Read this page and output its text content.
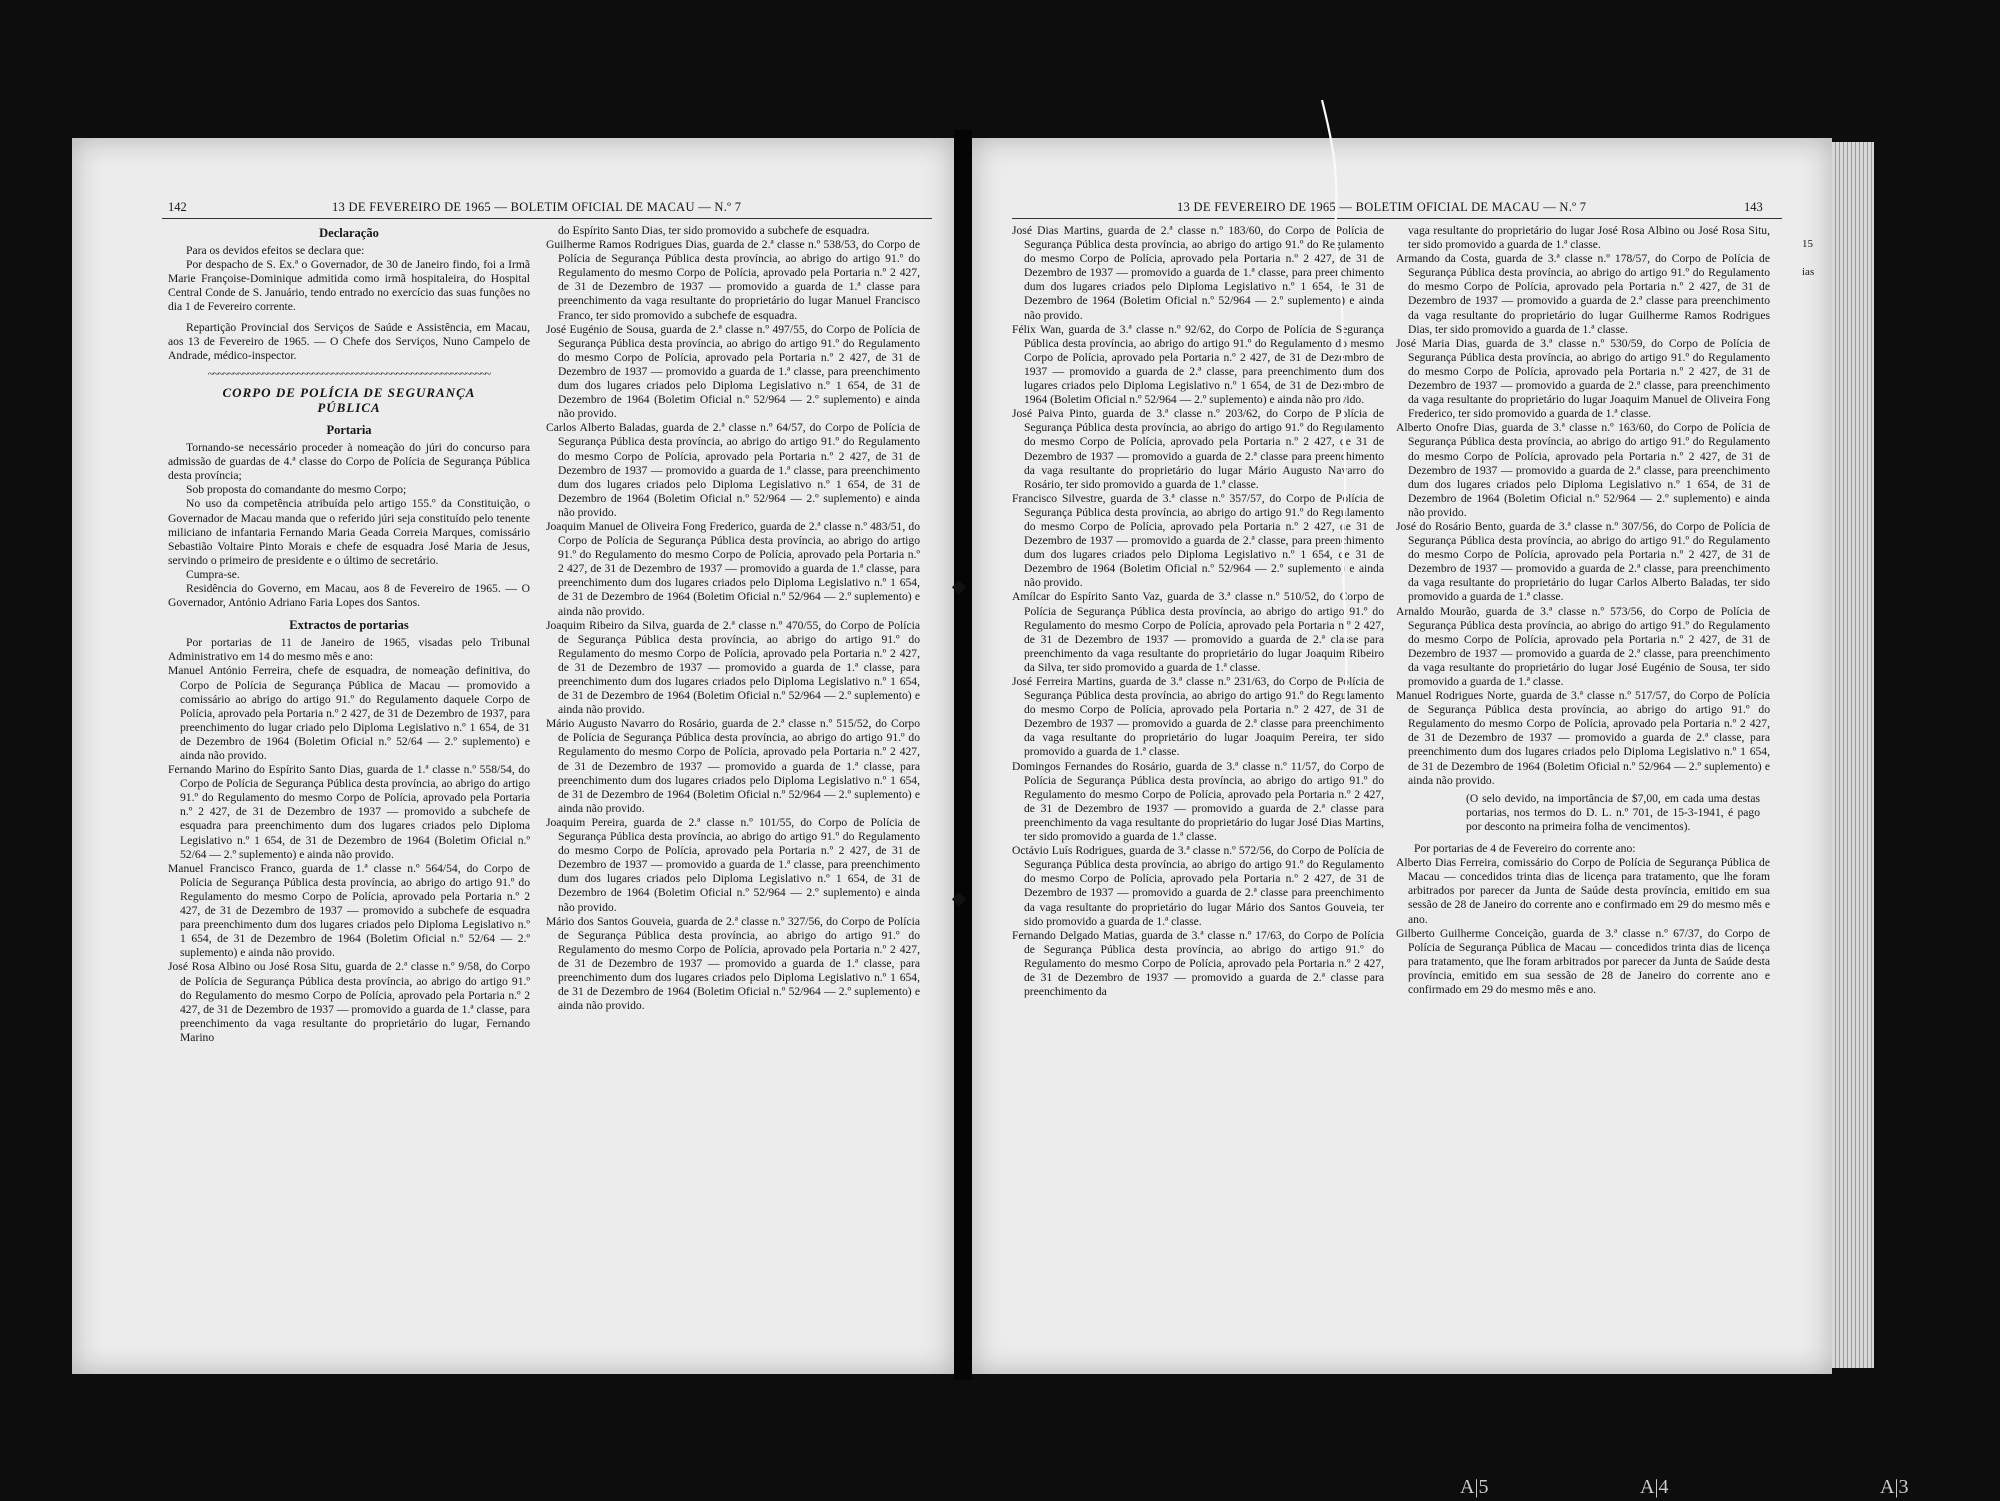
142	13 DE FEVEREIRO DE 1965 — BOLETIM OFICIAL DE MACAU — N.º 7

Declaração

Para os devidos efeitos se declara que:

Por despacho de S. Ex.ª o Governador, de 30 de Janeiro findo, foi a Irmã Marie Françoise-Dominique admitida como irmã hospitaleira, do Hospital Central Conde de S. Januário, tendo entrado no exercício das suas funções no dia 1 de Fevereiro corrente.

Repartição Provincial dos Serviços de Saúde e Assistência, em Macau, aos 13 de Fevereiro de 1965. — O Chefe dos Serviços, Nuno Campelo de Andrade, médico-inspector.

~~~~~~~~~~~~~~~~~~~~~~~~~~~~~~~~~~~~~~~~~~~~~~~~~~~~~~~~~

CORPO DE POLÍCIA DE SEGURANÇA
PÚBLICA

Portaria

Tornando-se necessário proceder à nomeação do júri do concurso para admissão de guardas de 4.ª classe do Corpo de Polícia de Segurança Pública desta província;

Sob proposta do comandante do mesmo Corpo;

No uso da competência atribuída pelo artigo 155.º da Constituição, o Governador de Macau manda que o referido júri seja constituído pelo tenente miliciano de infantaria Fernando Maria Geada Correia Marques, comissário Sebastião Voltaire Pinto Morais e chefe de esquadra José Maria de Jesus, servindo o primeiro de presidente e o último de secretário.

Cumpra-se.

Residência do Governo, em Macau, aos 8 de Fevereiro de 1965. — O Governador, António Adriano Faria Lopes dos Santos.

Extractos de portarias

Por portarias de 11 de Janeiro de 1965, visadas pelo Tribunal Administrativo em 14 do mesmo mês e ano:

Manuel António Ferreira, chefe de esquadra, de nomeação definitiva, do Corpo de Polícia de Segurança Pública de Macau — promovido a comissário ao abrigo do artigo 91.º do Regulamento daquele Corpo de Polícia, aprovado pela Portaria n.º 2 427, de 31 de Dezembro de 1937, para preenchimento do lugar criado pelo Diploma Legislativo n.º 1 654, de 31 de Dezembro de 1964 (Boletim Oficial n.º 52/64 — 2.º suplemento) e ainda não provido.

Fernando Marino do Espírito Santo Dias, guarda de 1.ª classe n.º 558/54, do Corpo de Polícia de Segurança Pública desta província, ao abrigo do artigo 91.º do Regulamento do mesmo Corpo de Polícia, aprovado pela Portaria n.º 2 427, de 31 de Dezembro de 1937 — promovido a subchefe de esquadra para preenchimento dum dos lugares criados pelo Diploma Legislativo n.º 1 654, de 31 de Dezembro de 1964 (Boletim Oficial n.º 52/64 — 2.º suplemento) e ainda não provido.

Manuel Francisco Franco, guarda de 1.ª classe n.º 564/54, do Corpo de Polícia de Segurança Pública desta província, ao abrigo do artigo 91.º do Regulamento do mesmo Corpo de Polícia, aprovado pela Portaria n.º 2 427, de 31 de Dezembro de 1937 — promovido a subchefe de esquadra para preenchimento dum dos lugares criados pelo Diploma Legislativo n.º 1 654, de 31 de Dezembro de 1964 (Boletim Oficial n.º 52/64 — 2.º suplemento) e ainda não provido.

José Rosa Albino ou José Rosa Situ, guarda de 2.ª classe n.º 9/58, do Corpo de Polícia de Segurança Pública desta província, ao abrigo do artigo 91.º do Regulamento do mesmo Corpo de Polícia, aprovado pela Portaria n.º 2 427, de 31 de Dezembro de 1937 — promovido a guarda de 1.ª classe, para preenchimento da vaga resultante do proprietário do lugar, Fernando Marino

do Espírito Santo Dias, ter sido promovido a subchefe de esquadra.

Guilherme Ramos Rodrigues Dias, guarda de 2.ª classe n.º 538/53, do Corpo de Polícia de Segurança Pública desta província, ao abrigo do artigo 91.º do Regulamento do mesmo Corpo de Polícia, aprovado pela Portaria n.º 2 427, de 31 de Dezembro de 1937 — promovido a guarda de 1.ª classe para preenchimento da vaga resultante do proprietário do lugar Manuel Francisco Franco, ter sido promovido a subchefe de esquadra.

José Eugénio de Sousa, guarda de 2.ª classe n.º 497/55, do Corpo de Polícia de Segurança Pública desta província, ao abrigo do artigo 91.º do Regulamento do mesmo Corpo de Polícia, aprovado pela Portaria n.º 2 427, de 31 de Dezembro de 1937 — promovido a guarda de 1.ª classe, para preenchimento dum dos lugares criados pelo Diploma Legislativo n.º 1 654, de 31 de Dezembro de 1964 (Boletim Oficial n.º 52/964 — 2.º suplemento) e ainda não provido.

Carlos Alberto Baladas, guarda de 2.ª classe n.º 64/57, do Corpo de Polícia de Segurança Pública desta província, ao abrigo do artigo 91.º do Regulamento do mesmo Corpo de Polícia, aprovado pela Portaria n.º 2 427, de 31 de Dezembro de 1937 — promovido a guarda de 1.ª classe, para preenchimento dum dos lugares criados pelo Diploma Legislativo n.º 1 654, de 31 de Dezembro de 1964 (Boletim Oficial n.º 52/964 — 2.º suplemento) e ainda não provido.

Joaquim Manuel de Oliveira Fong Frederico, guarda de 2.ª classe n.º 483/51, do Corpo de Polícia de Segurança Pública desta província, ao abrigo do artigo 91.º do Regulamento do mesmo Corpo de Polícia, aprovado pela Portaria n.º 2 427, de 31 de Dezembro de 1937 — promovido a guarda de 1.ª classe, para preenchimento dum dos lugares criados pelo Diploma Legislativo n.º 1 654, de 31 de Dezembro de 1964 (Boletim Oficial n.º 52/964 — 2.º suplemento) e ainda não provido.

Joaquim Ribeiro da Silva, guarda de 2.ª classe n.º 470/55, do Corpo de Polícia de Segurança Pública desta província, ao abrigo do artigo 91.º do Regulamento do mesmo Corpo de Polícia, aprovado pela Portaria n.º 2 427, de 31 de Dezembro de 1937 — promovido a guarda de 1.ª classe, para preenchimento dum dos lugares criados pelo Diploma Legislativo n.º 1 654, de 31 de Dezembro de 1964 (Boletim Oficial n.º 52/964 — 2.º suplemento) e ainda não provido.

Mário Augusto Navarro do Rosário, guarda de 2.ª classe n.º 515/52, do Corpo de Polícia de Segurança Pública desta província, ao abrigo do artigo 91.º do Regulamento do mesmo Corpo de Polícia, aprovado pela Portaria n.º 2 427, de 31 de Dezembro de 1937 — promovido a guarda de 1.ª classe, para preenchimento dum dos lugares criados pelo Diploma Legislativo n.º 1 654, de 31 de Dezembro de 1964 (Boletim Oficial n.º 52/964 — 2.º suplemento) e ainda não provido.

Joaquim Pereira, guarda de 2.ª classe n.º 101/55, do Corpo de Polícia de Segurança Pública desta província, ao abrigo do artigo 91.º do Regulamento do mesmo Corpo de Polícia, aprovado pela Portaria n.º 2 427, de 31 de Dezembro de 1937 — promovido a guarda de 1.ª classe, para preenchimento dum dos lugares criados pelo Diploma Legislativo n.º 1 654, de 31 de Dezembro de 1964 (Boletim Oficial n.º 52/964 — 2.º suplemento) e ainda não provido.

Mário dos Santos Gouveia, guarda de 2.ª classe n.º 327/56, do Corpo de Polícia de Segurança Pública desta província, ao abrigo do artigo 91.º do Regulamento do mesmo Corpo de Polícia, aprovado pela Portaria n.º 2 427, de 31 de Dezembro de 1937 — promovido a guarda de 1.ª classe, para preenchimento dum dos lugares criados pelo Diploma Legislativo n.º 1 654, de 31 de Dezembro de 1964 (Boletim Oficial n.º 52/964 — 2.º suplemento) e ainda não provido.

13 DE FEVEREIRO DE 1965 — BOLETIM OFICIAL DE MACAU — N.º 7	143

José Dias Martins, guarda de 2.ª classe n.º 183/60, do Corpo de Polícia de Segurança Pública desta província, ao abrigo do artigo 91.º do Regulamento do mesmo Corpo de Polícia, aprovado pela Portaria n.º 2 427, de 31 de Dezembro de 1937 — promovido a guarda de 1.ª classe, para preenchimento dum dos lugares criados pelo Diploma Legislativo n.º 1 654, de 31 de Dezembro de 1964 (Boletim Oficial n.º 52/964 — 2.º suplemento) e ainda não provido.

Félix Wan, guarda de 3.ª classe n.º 92/62, do Corpo de Polícia de Segurança Pública desta província, ao abrigo do artigo 91.º do Regulamento do mesmo Corpo de Polícia, aprovado pela Portaria n.º 2 427, de 31 de Dezembro de 1937 — promovido a guarda de 2.ª classe, para preenchimento dum dos lugares criados pelo Diploma Legislativo n.º 1 654, de 31 de Dezembro de 1964 (Boletim Oficial n.º 52/964 — 2.º suplemento) e ainda não provido.

José Paiva Pinto, guarda de 3.ª classe n.º 203/62, do Corpo de Polícia de Segurança Pública desta província, ao abrigo do artigo 91.º do Regulamento do mesmo Corpo de Polícia, aprovado pela Portaria n.º 2 427, de 31 de Dezembro de 1937 — promovido a guarda de 2.ª classe para preenchimento da vaga resultante do proprietário do lugar Mário Augusto Navarro do Rosário, ter sido promovido a guarda de 1.ª classe.

Francisco Silvestre, guarda de 3.ª classe n.º 357/57, do Corpo de Polícia de Segurança Pública desta província, ao abrigo do artigo 91.º do Regulamento do mesmo Corpo de Polícia, aprovado pela Portaria n.º 2 427, de 31 de Dezembro de 1937 — promovido a guarda de 2.ª classe, para preenchimento dum dos lugares criados pelo Diploma Legislativo n.º 1 654, de 31 de Dezembro de 1964 (Boletim Oficial n.º 52/964 — 2.º suplemento) e ainda não provido.

Amílcar do Espírito Santo Vaz, guarda de 3.ª classe n.º 510/52, do Corpo de Polícia de Segurança Pública desta província, ao abrigo do artigo 91.º do Regulamento do mesmo Corpo de Polícia, aprovado pela Portaria n.º 2 427, de 31 de Dezembro de 1937 — promovido a guarda de 2.ª classe para preenchimento da vaga resultante do proprietário do lugar Joaquim Ribeiro da Silva, ter sido promovido a guarda de 1.ª classe.

José Ferreira Martins, guarda de 3.ª classe n.º 231/63, do Corpo de Polícia de Segurança Pública desta província, ao abrigo do artigo 91.º do Regulamento do mesmo Corpo de Polícia, aprovado pela Portaria n.º 2 427, de 31 de Dezembro de 1937 — promovido a guarda de 2.ª classe para preenchimento da vaga resultante do proprietário do lugar Joaquim Pereira, ter sido promovido a guarda de 1.ª classe.

Domingos Fernandes do Rosário, guarda de 3.ª classe n.º 11/57, do Corpo de Polícia de Segurança Pública desta província, ao abrigo do artigo 91.º do Regulamento do mesmo Corpo de Polícia, aprovado pela Portaria n.º 2 427, de 31 de Dezembro de 1937 — promovido a guarda de 2.ª classe para preenchimento da vaga resultante do proprietário do lugar José Dias Martins, ter sido promovido a guarda de 1.ª classe.

Octávio Luís Rodrigues, guarda de 3.ª classe n.º 572/56, do Corpo de Polícia de Segurança Pública desta província, ao abrigo do artigo 91.º do Regulamento do mesmo Corpo de Polícia, aprovado pela Portaria n.º 2 427, de 31 de Dezembro de 1937 — promovido a guarda de 2.ª classe para preenchimento da vaga resultante do proprietário do lugar Mário dos Santos Gouveia, ter sido promovido a guarda de 1.ª classe.

Fernando Delgado Matias, guarda de 3.ª classe n.º 17/63, do Corpo de Polícia de Segurança Pública desta província, ao abrigo do artigo 91.º do Regulamento do mesmo Corpo de Polícia, aprovado pela Portaria n.º 2 427, de 31 de Dezembro de 1937 — promovido a guarda de 2.ª classe para preenchimento da

vaga resultante do proprietário do lugar José Rosa Albino ou José Rosa Situ, ter sido promovido a guarda de 1.ª classe.

Armando da Costa, guarda de 3.ª classe n.º 178/57, do Corpo de Polícia de Segurança Pública desta província, ao abrigo do artigo 91.º do Regulamento do mesmo Corpo de Polícia, aprovado pela Portaria n.º 2 427, de 31 de Dezembro de 1937 — promovido a guarda de 2.ª classe para preenchimento da vaga resultante do proprietário do lugar Guilherme Ramos Rodrigues Dias, ter sido promovido a guarda de 1.ª classe.

José Maria Dias, guarda de 3.ª classe n.º 530/59, do Corpo de Polícia de Segurança Pública desta província, ao abrigo do artigo 91.º do Regulamento do mesmo Corpo de Polícia, aprovado pela Portaria n.º 2 427, de 31 de Dezembro de 1937 — promovido a guarda de 2.ª classe, para preenchimento da vaga resultante do proprietário do lugar Joaquim Manuel de Oliveira Fong Frederico, ter sido promovido a guarda de 1.ª classe.

Alberto Onofre Dias, guarda de 3.ª classe n.º 163/60, do Corpo de Polícia de Segurança Pública desta província, ao abrigo do artigo 91.º do Regulamento do mesmo Corpo de Polícia, aprovado pela Portaria n.º 2 427, de 31 de Dezembro de 1937 — promovido a guarda de 2.ª classe, para preenchimento dum dos lugares criados pelo Diploma Legislativo n.º 1 654, de 31 de Dezembro de 1964 (Boletim Oficial n.º 52/964 — 2.º suplemento) e ainda não provido.

José do Rosário Bento, guarda de 3.ª classe n.º 307/56, do Corpo de Polícia de Segurança Pública desta província, ao abrigo do artigo 91.º do Regulamento do mesmo Corpo de Polícia, aprovado pela Portaria n.º 2 427, de 31 de Dezembro de 1937 — promovido a guarda de 2.ª classe, para preenchimento da vaga resultante do proprietário do lugar Carlos Alberto Baladas, ter sido promovido a guarda de 1.ª classe.

Arnaldo Mourão, guarda de 3.ª classe n.º 573/56, do Corpo de Polícia de Segurança Pública desta província, ao abrigo do artigo 91.º do Regulamento do mesmo Corpo de Polícia, aprovado pela Portaria n.º 2 427, de 31 de Dezembro de 1937 — promovido a guarda de 2.ª classe, para preenchimento da vaga resultante do proprietário do lugar José Eugénio de Sousa, ter sido promovido a guarda de 1.ª classe.

Manuel Rodrigues Norte, guarda de 3.ª classe n.º 517/57, do Corpo de Polícia de Segurança Pública desta província, ao abrigo do artigo 91.º do Regulamento do mesmo Corpo de Polícia, aprovado pela Portaria n.º 2 427, de 31 de Dezembro de 1937 — promovido a guarda de 2.ª classe, para preenchimento dum dos lugares criados pelo Diploma Legislativo n.º 1 654, de 31 de Dezembro de 1964 (Boletim Oficial n.º 52/964 — 2.º suplemento) e ainda não provido.

(O selo devido, na importância de $7,00, em cada uma destas portarias, nos termos do D. L. n.º 701, de 15-3-1941, é pago por desconto na primeira folha de vencimentos).

Por portarias de 4 de Fevereiro do corrente ano:

Alberto Dias Ferreira, comissário do Corpo de Polícia de Segurança Pública de Macau — concedidos trinta dias de licença para tratamento, que lhe foram arbitrados por parecer da Junta de Saúde desta província, emitido em sua sessão de 28 de Janeiro do corrente ano e confirmado em 29 do mesmo mês e ano.

Gilberto Guilherme Conceição, guarda de 3.ª classe n.º 67/37, do Corpo de Polícia de Segurança Pública de Macau — concedidos trinta dias de licença para tratamento, que lhe foram arbitrados por parecer da Junta de Saúde desta província, emitido em sua sessão de 28 de Janeiro do corrente ano e confirmado em 29 do mesmo mês e ano.

15
ias
◆
◆
A|5	A|4	A|3
